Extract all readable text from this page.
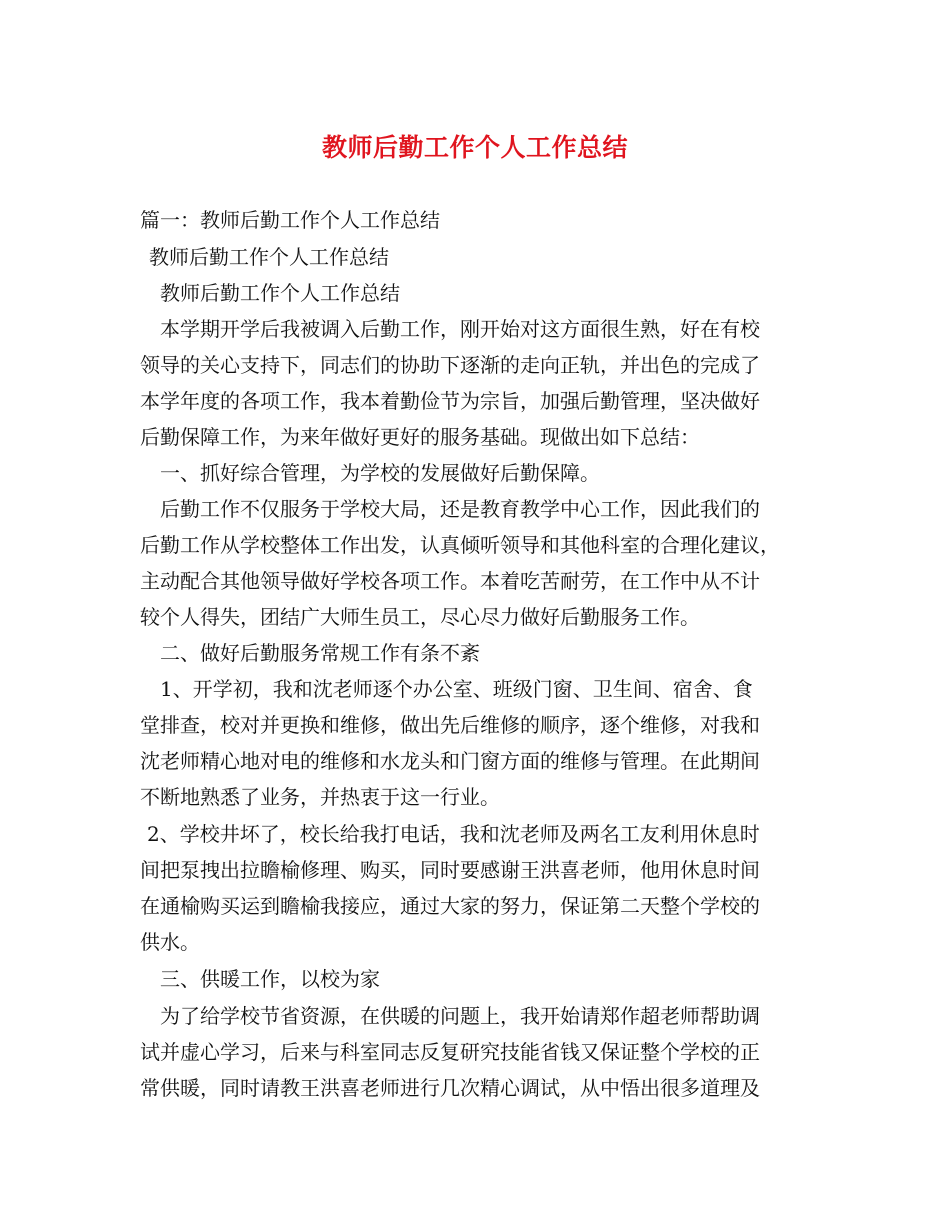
教师后勤工作个人工作总结
篇一：教师后勤工作个人工作总结
教师后勤工作个人工作总结
教师后勤工作个人工作总结
本学期开学后我被调入后勤工作，刚开始对这方面很生熟，好在有校
领导的关心支持下，同志们的协助下逐渐的走向正轨，并出色的完成了
本学年度的各项工作，我本着勤俭节为宗旨，加强后勤管理，坚决做好
后勤保障工作，为来年做好更好的服务基础。现做出如下总结：
一、抓好综合管理，为学校的发展做好后勤保障。
后勤工作不仅服务于学校大局，还是教育教学中心工作，因此我们的
后勤工作从学校整体工作出发，认真倾听领导和其他科室的合理化建议，
主动配合其他领导做好学校各项工作。本着吃苦耐劳，在工作中从不计
较个人得失，团结广大师生员工，尽心尽力做好后勤服务工作。
二、做好后勤服务常规工作有条不紊
1、开学初，我和沈老师逐个办公室、班级门窗、卫生间、宿舍、食
堂排查，校对并更换和维修，做出先后维修的顺序，逐个维修，对我和
沈老师精心地对电的维修和水龙头和门窗方面的维修与管理。在此期间
不断地熟悉了业务，并热衷于这一行业。
2、学校井坏了，校长给我打电话，我和沈老师及两名工友利用休息时
间把泵拽出拉瞻榆修理、购买，同时要感谢王洪喜老师，他用休息时间
在通榆购买运到瞻榆我接应，通过大家的努力，保证第二天整个学校的
供水。
三、供暖工作，以校为家
为了给学校节省资源，在供暖的问题上，我开始请郑作超老师帮助调
试并虚心学习，后来与科室同志反复研究技能省钱又保证整个学校的正
常供暖，同时请教王洪喜老师进行几次精心调试，从中悟出很多道理及
